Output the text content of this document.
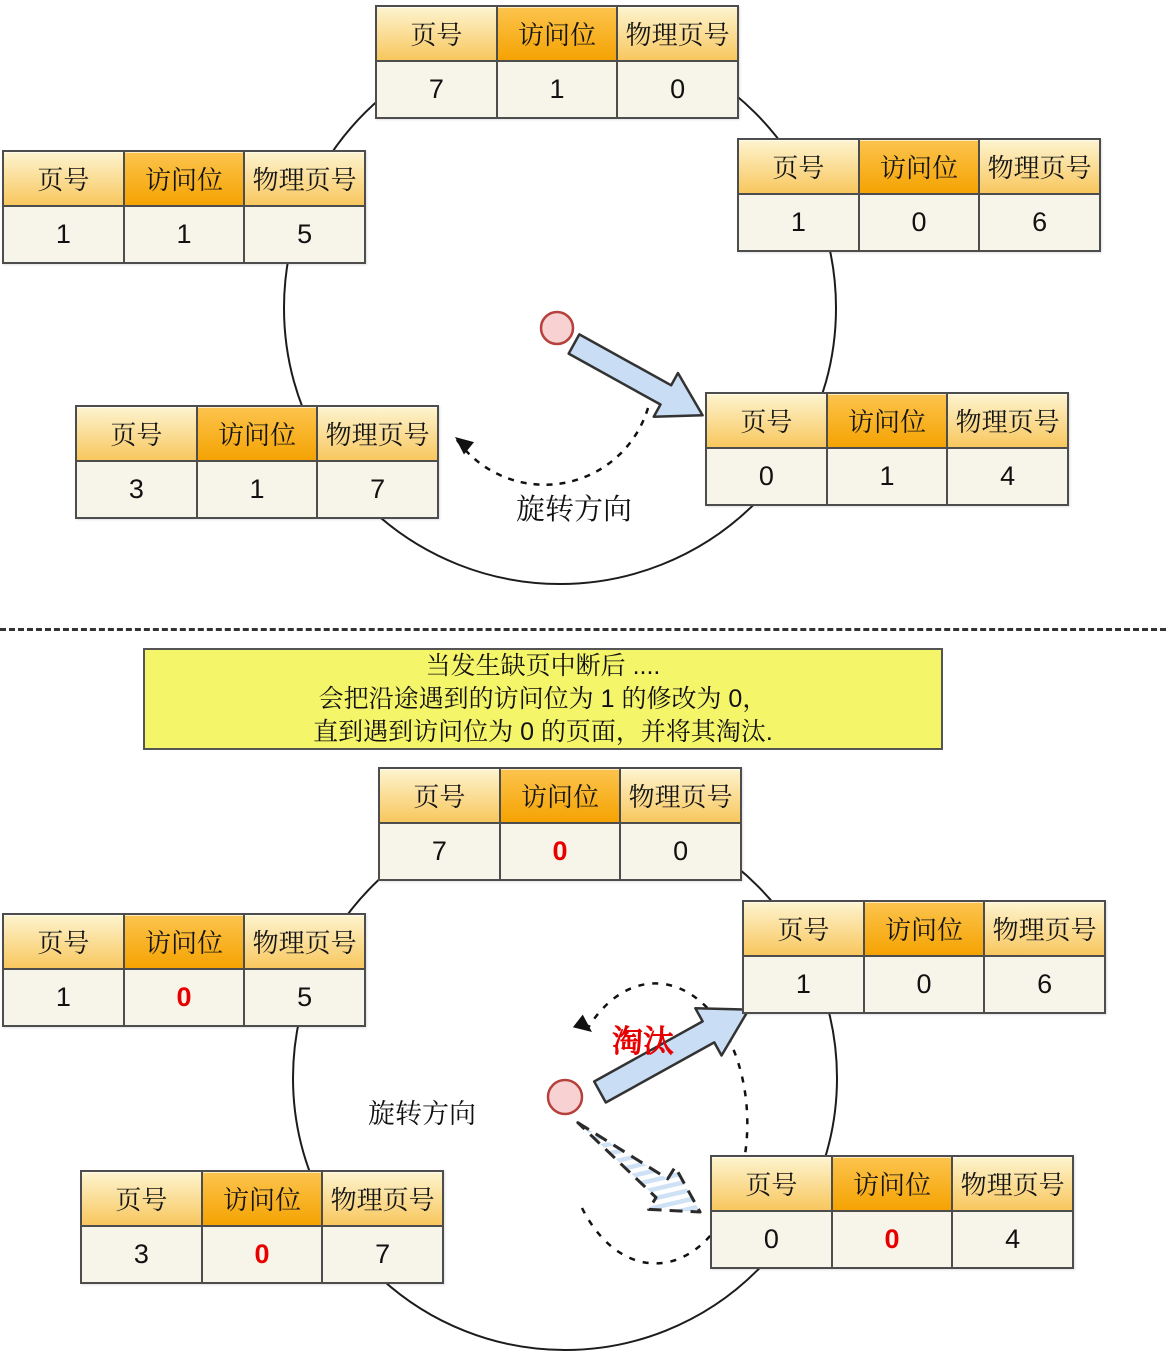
页号	访问位	物理页号
7	1	0
页号	访问位	物理页号
1	1	5
页号	访问位	物理页号
1	0	6
页号	访问位	物理页号
3	1	7
页号	访问位	物理页号
0	1	4
旋转方向
当发生缺页中断后 ....
会把沿途遇到的访问位为 1 的修改为 0，
直到遇到访问位为 0 的页面，并将其淘汰.
页号	访问位	物理页号
7	0	0
页号	访问位	物理页号
1	0	5
页号	访问位	物理页号
1	0	6
页号	访问位	物理页号
3	0	7
页号	访问位	物理页号
0	0	4
旋转方向
淘汰
